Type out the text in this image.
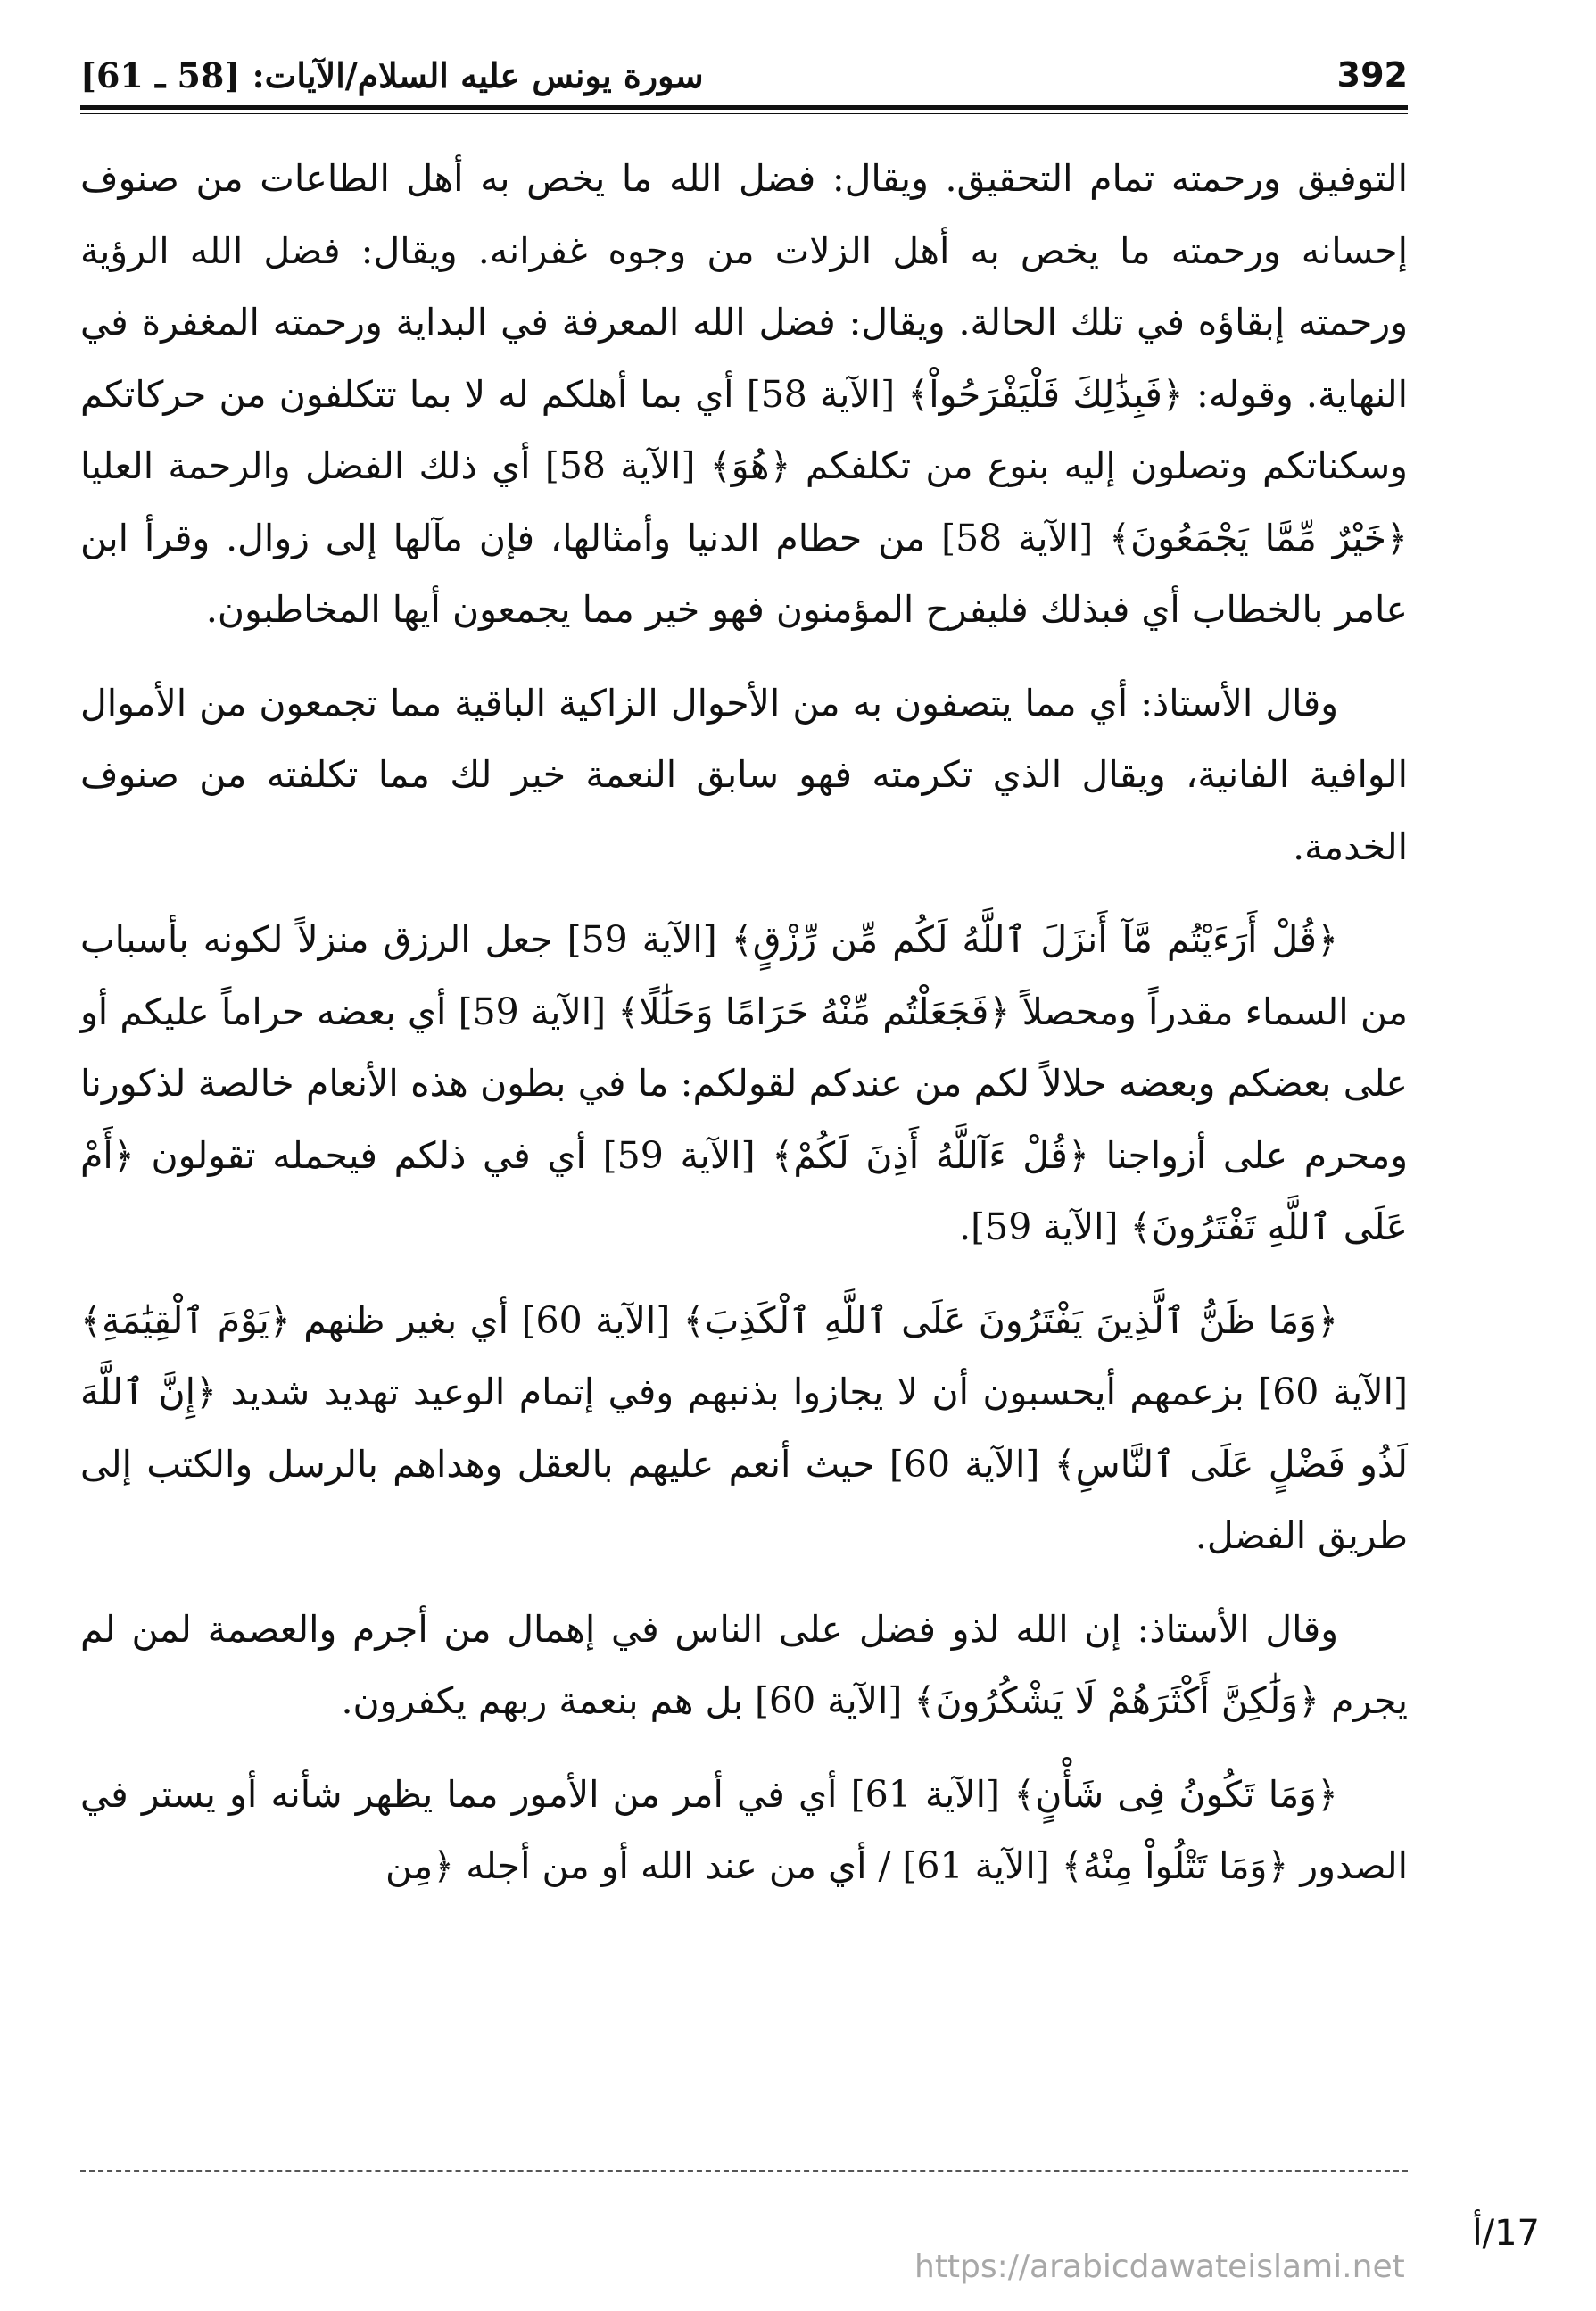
392
سورة يونس عليه السلام/الآيات: [58 ـ 61]

التوفيق ورحمته تمام التحقيق. ويقال: فضل الله ما يخص به أهل الطاعات من صنوف إحسانه ورحمته ما يخص به أهل الزلات من وجوه غفرانه. ويقال: فضل الله الرؤية ورحمته إبقاؤه في تلك الحالة. ويقال: فضل الله المعرفة في البداية ورحمته المغفرة في النهاية. وقوله: ﴿فَبِذَٰلِكَ فَلْيَفْرَحُواْ﴾ [الآية 58] أي بما أهلكم له لا بما تتكلفون من حركاتكم وسكناتكم وتصلون إليه بنوع من تكلفكم ﴿هُوَ﴾ [الآية 58] أي ذلك الفضل والرحمة العليا ﴿خَيْرٌ مِّمَّا يَجْمَعُونَ﴾ [الآية 58] من حطام الدنيا وأمثالها، فإن مآلها إلى زوال. وقرأ ابن عامر بالخطاب أي فبذلك فليفرح المؤمنون فهو خير مما يجمعون أيها المخاطبون.

وقال الأستاذ: أي مما يتصفون به من الأحوال الزاكية الباقية مما تجمعون من الأموال الوافية الفانية، ويقال الذي تكرمته فهو سابق النعمة خير لك مما تكلفته من صنوف الخدمة.

﴿قُلْ أَرَءَيْتُم مَّآ أَنزَلَ ٱللَّهُ لَكُم مِّن رِّزْقٍ﴾ [الآية 59] جعل الرزق منزلاً لكونه بأسباب من السماء مقدراً ومحصلاً ﴿فَجَعَلْتُم مِّنْهُ حَرَامًا وَحَلَٰلًا﴾ [الآية 59] أي بعضه حراماً عليكم أو على بعضكم وبعضه حلالاً لكم من عندكم لقولكم: ما في بطون هذه الأنعام خالصة لذكورنا ومحرم على أزواجنا ﴿قُلْ ءَآللَّهُ أَذِنَ لَكُمْ﴾ [الآية 59] أي في ذلكم فيحمله تقولون ﴿أَمْ عَلَى ٱللَّهِ تَفْتَرُونَ﴾ [الآية 59].

﴿وَمَا ظَنُّ ٱلَّذِينَ يَفْتَرُونَ عَلَى ٱللَّهِ ٱلْكَذِبَ﴾ [الآية 60] أي بغير ظنهم ﴿يَوْمَ ٱلْقِيَٰمَةِ﴾ [الآية 60] بزعمهم أيحسبون أن لا يجازوا بذنبهم وفي إتمام الوعيد تهديد شديد ﴿إِنَّ ٱللَّهَ لَذُو فَضْلٍ عَلَى ٱلنَّاسِ﴾ [الآية 60] حيث أنعم عليهم بالعقل وهداهم بالرسل والكتب إلى طريق الفضل.

وقال الأستاذ: إن الله لذو فضل على الناس في إهمال من أجرم والعصمة لمن لم يجرم ﴿وَلَٰكِنَّ أَكْثَرَهُمْ لَا يَشْكُرُونَ﴾ [الآية 60] بل هم بنعمة ربهم يكفرون.

﴿وَمَا تَكُونُ فِى شَأْنٍ﴾ [الآية 61] أي في أمر من الأمور مما يظهر شأنه أو يستر في الصدور ﴿وَمَا تَتْلُواْ مِنْهُ﴾ [الآية 61] / أي من عند الله أو من أجله ﴿مِن

17/أ
https://arabicdawateislami.net
